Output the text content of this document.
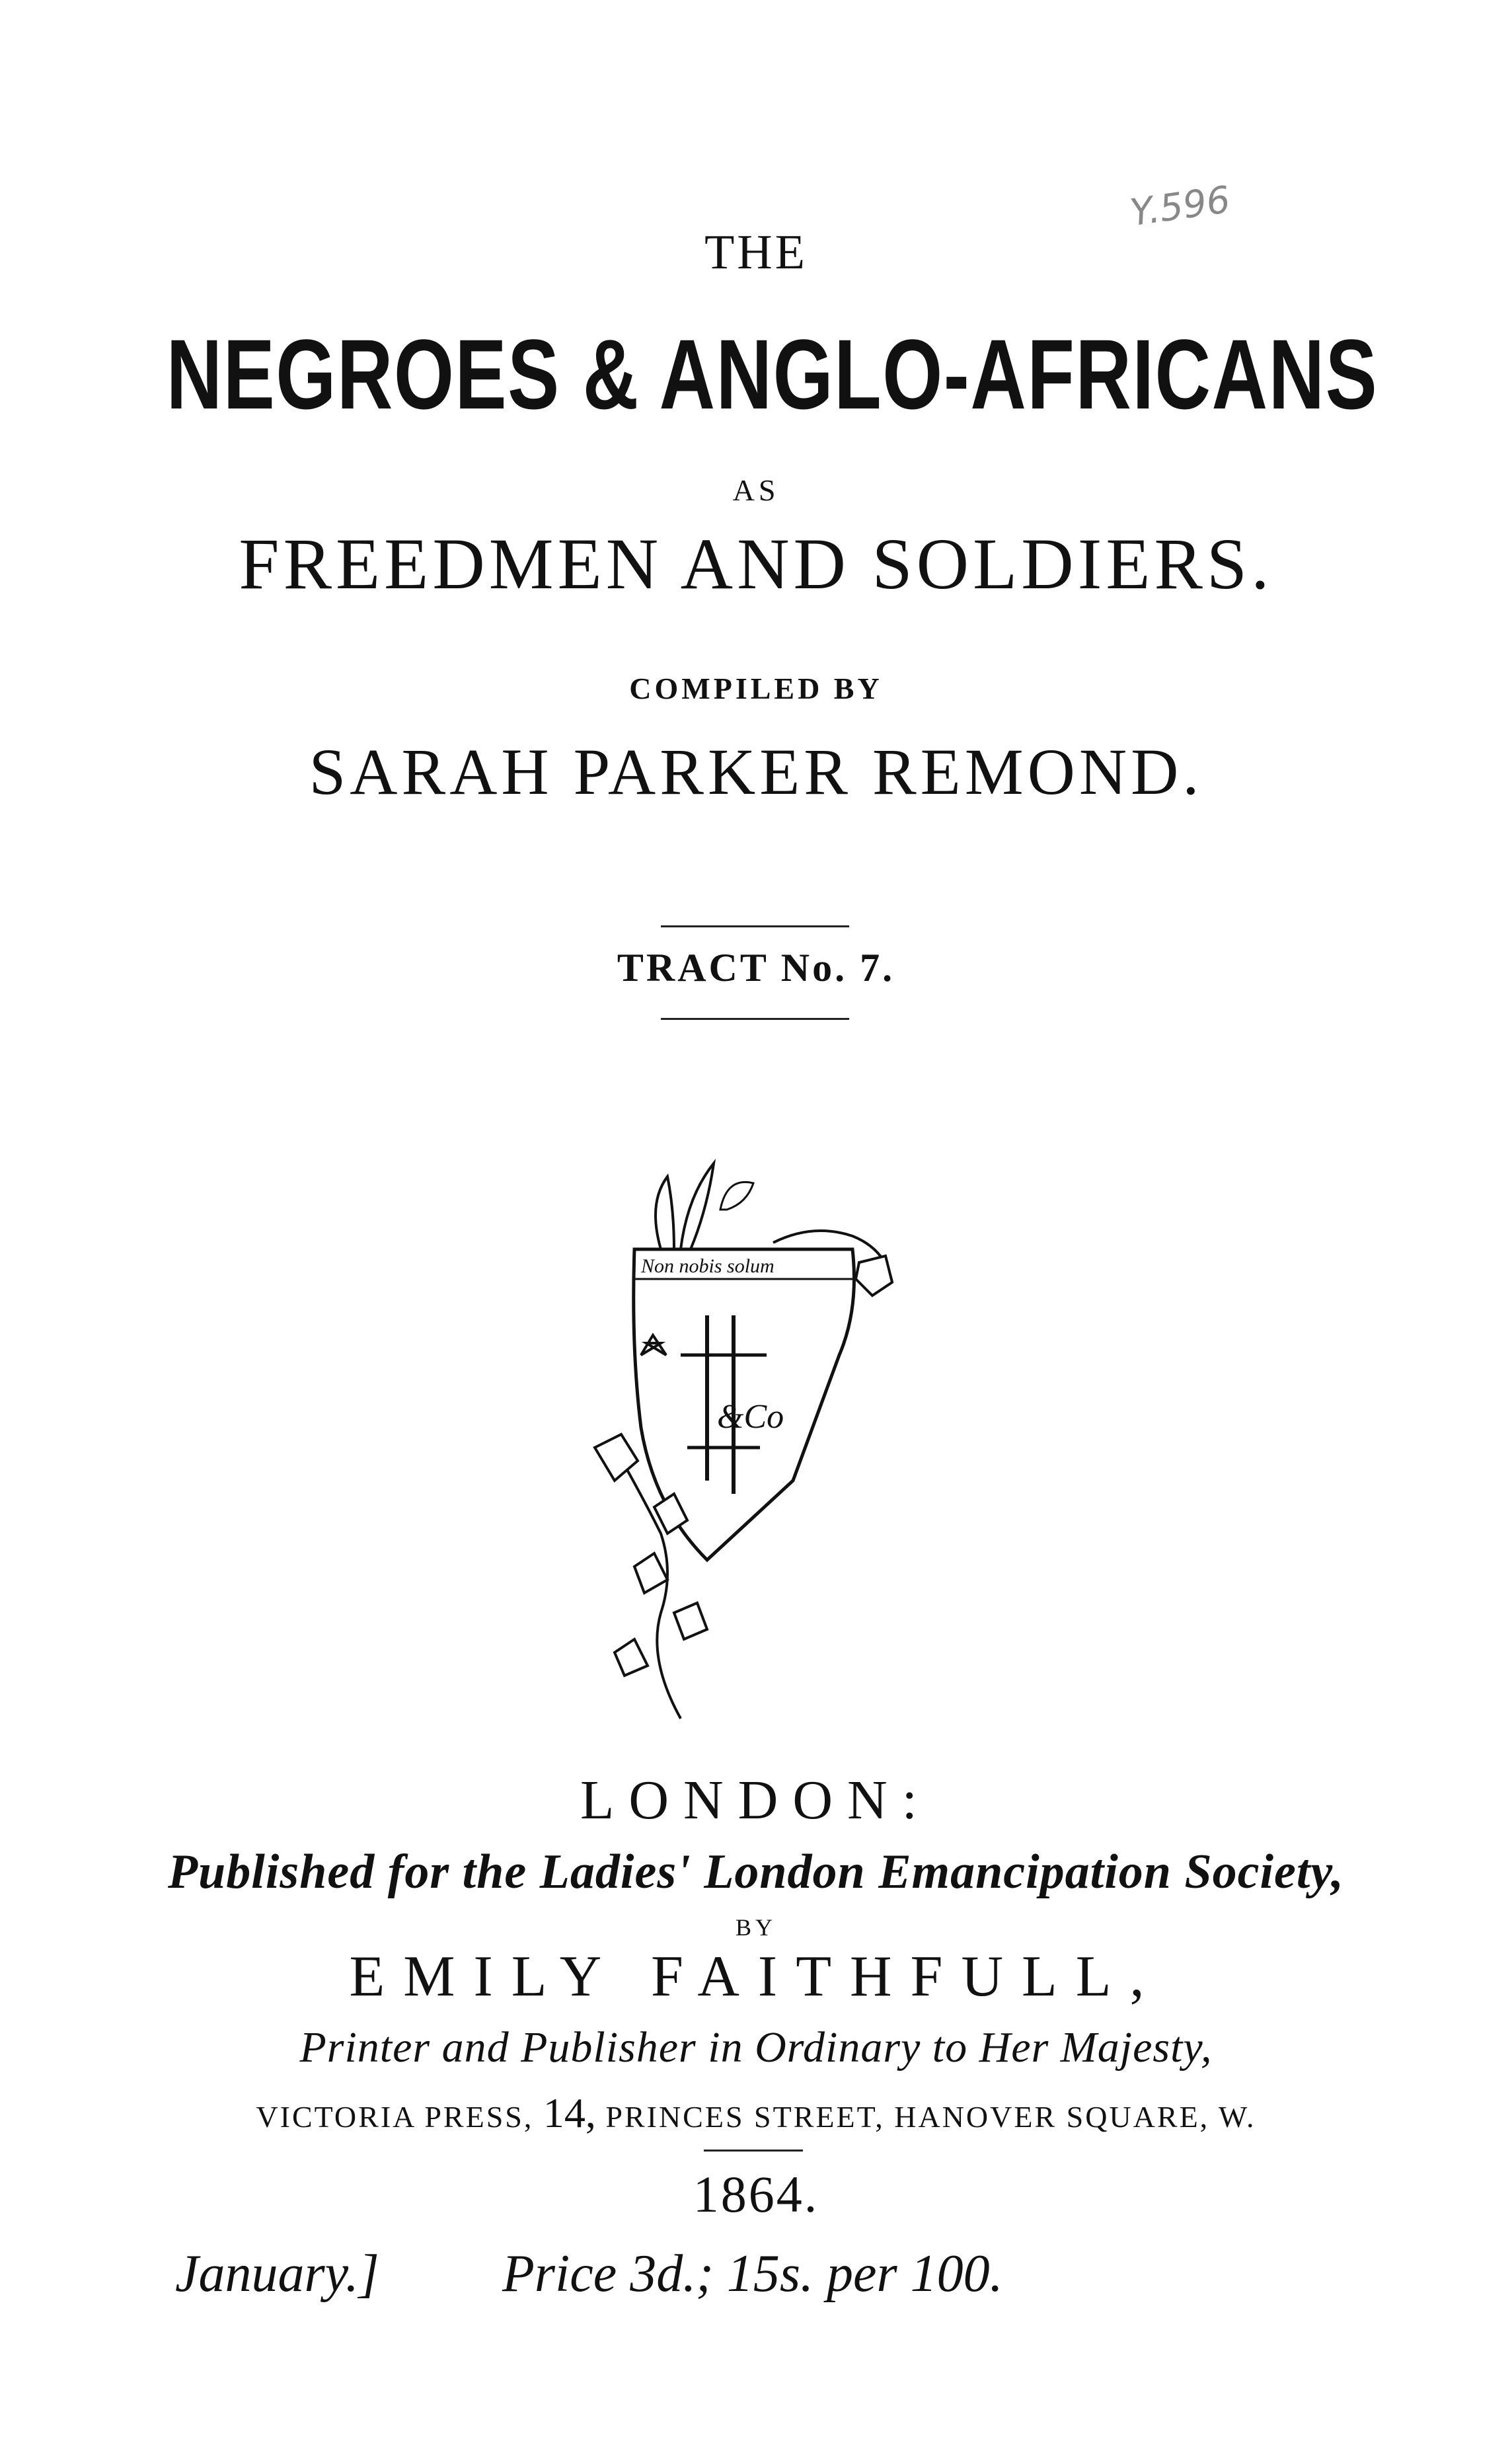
Y.596
THE
NEGROES & ANGLO-AFRICANS
AS
FREEDMEN AND SOLDIERS.
COMPILED BY
SARAH PARKER REMOND.
TRACT No. 7.
Non nobis solum
&Co
LONDON:
Published for the Ladies' London Emancipation Society,
BY
EMILY FAITHFULL,
Printer and Publisher in Ordinary to Her Majesty,
VICTORIA PRESS, 14, PRINCES STREET, HANOVER SQUARE, W.
1864.
January.] Price 3d.; 15s. per 100.
